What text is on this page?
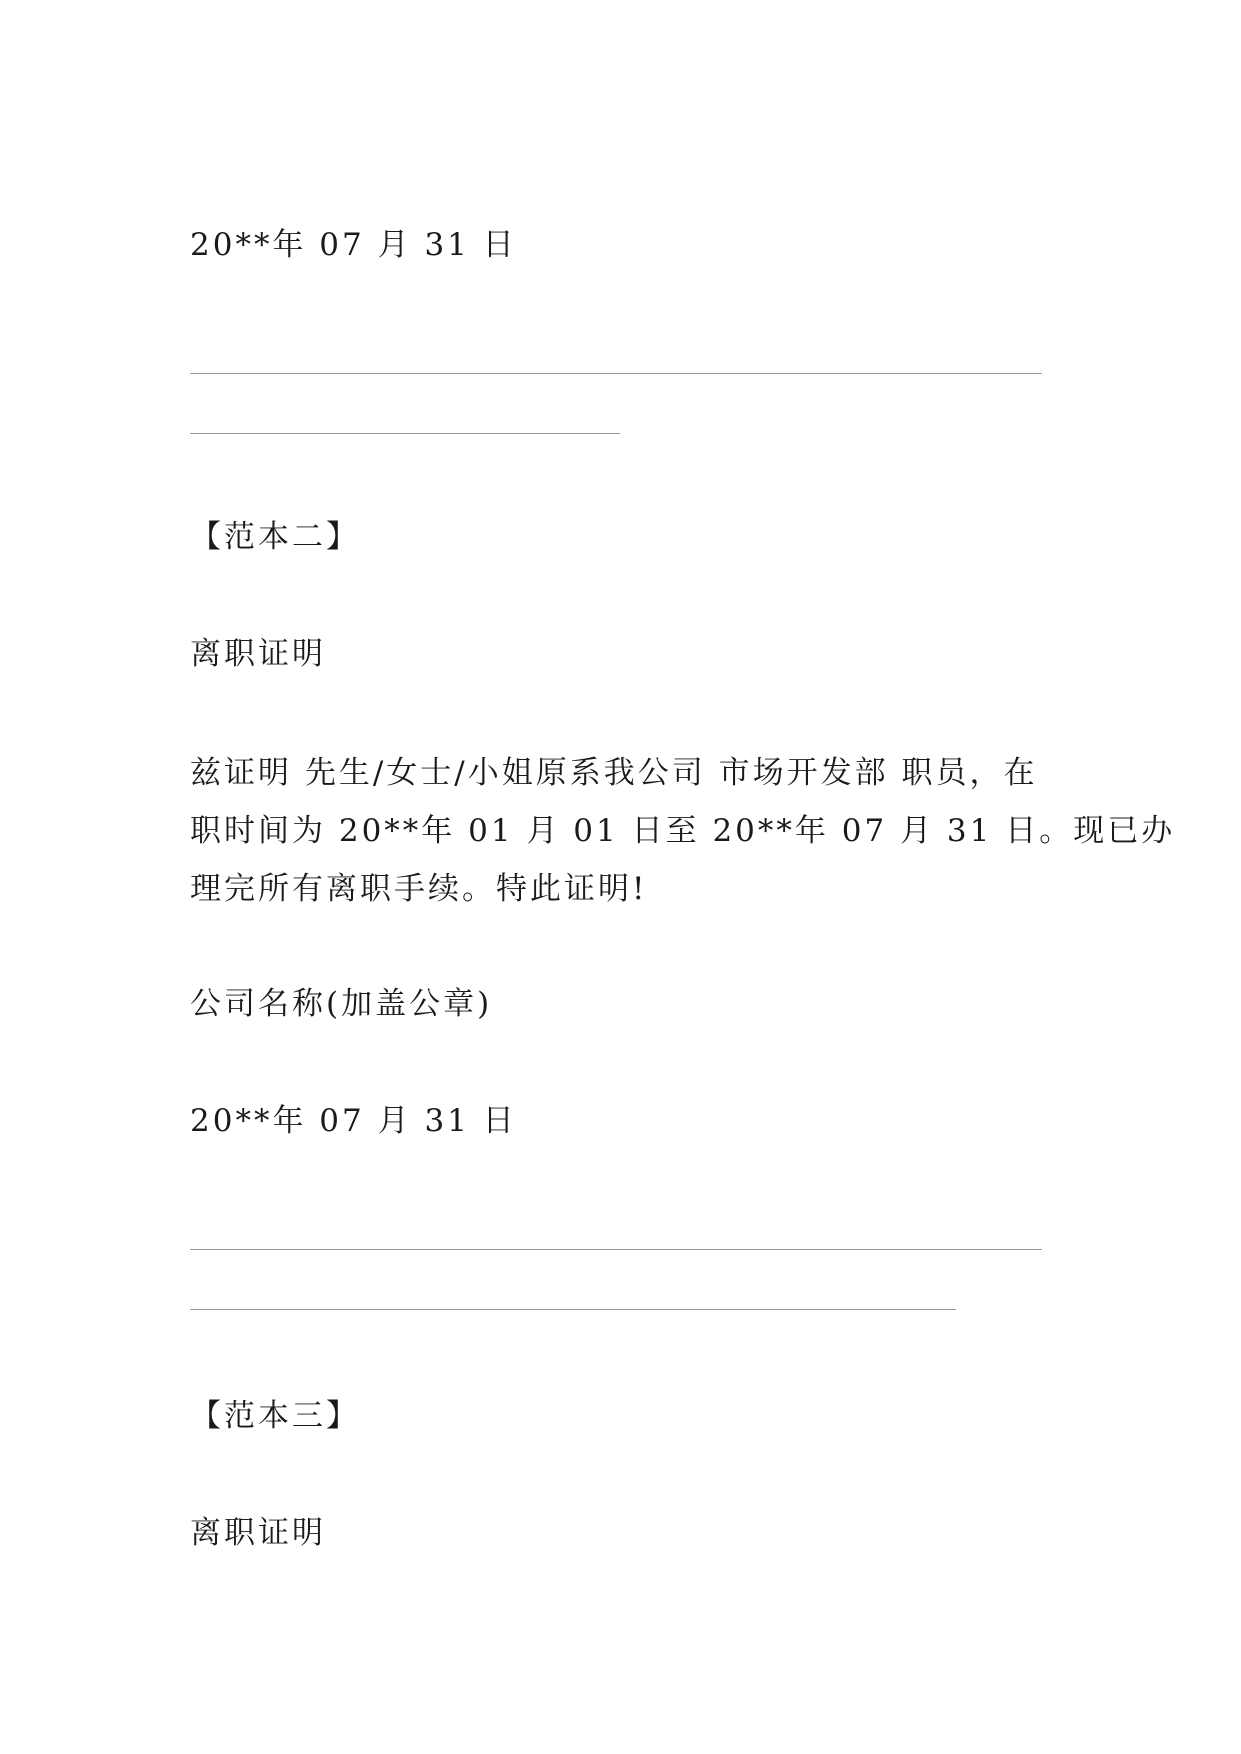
20**年 07 月 31 日
【范本二】
离职证明
兹证明 先生/女士/小姐原系我公司 市场开发部 职员，在
职时间为 20**年 01 月 01 日至 20**年 07 月 31 日。现已办
理完所有离职手续。特此证明!
公司名称(加盖公章)
20**年 07 月 31 日
【范本三】
离职证明
